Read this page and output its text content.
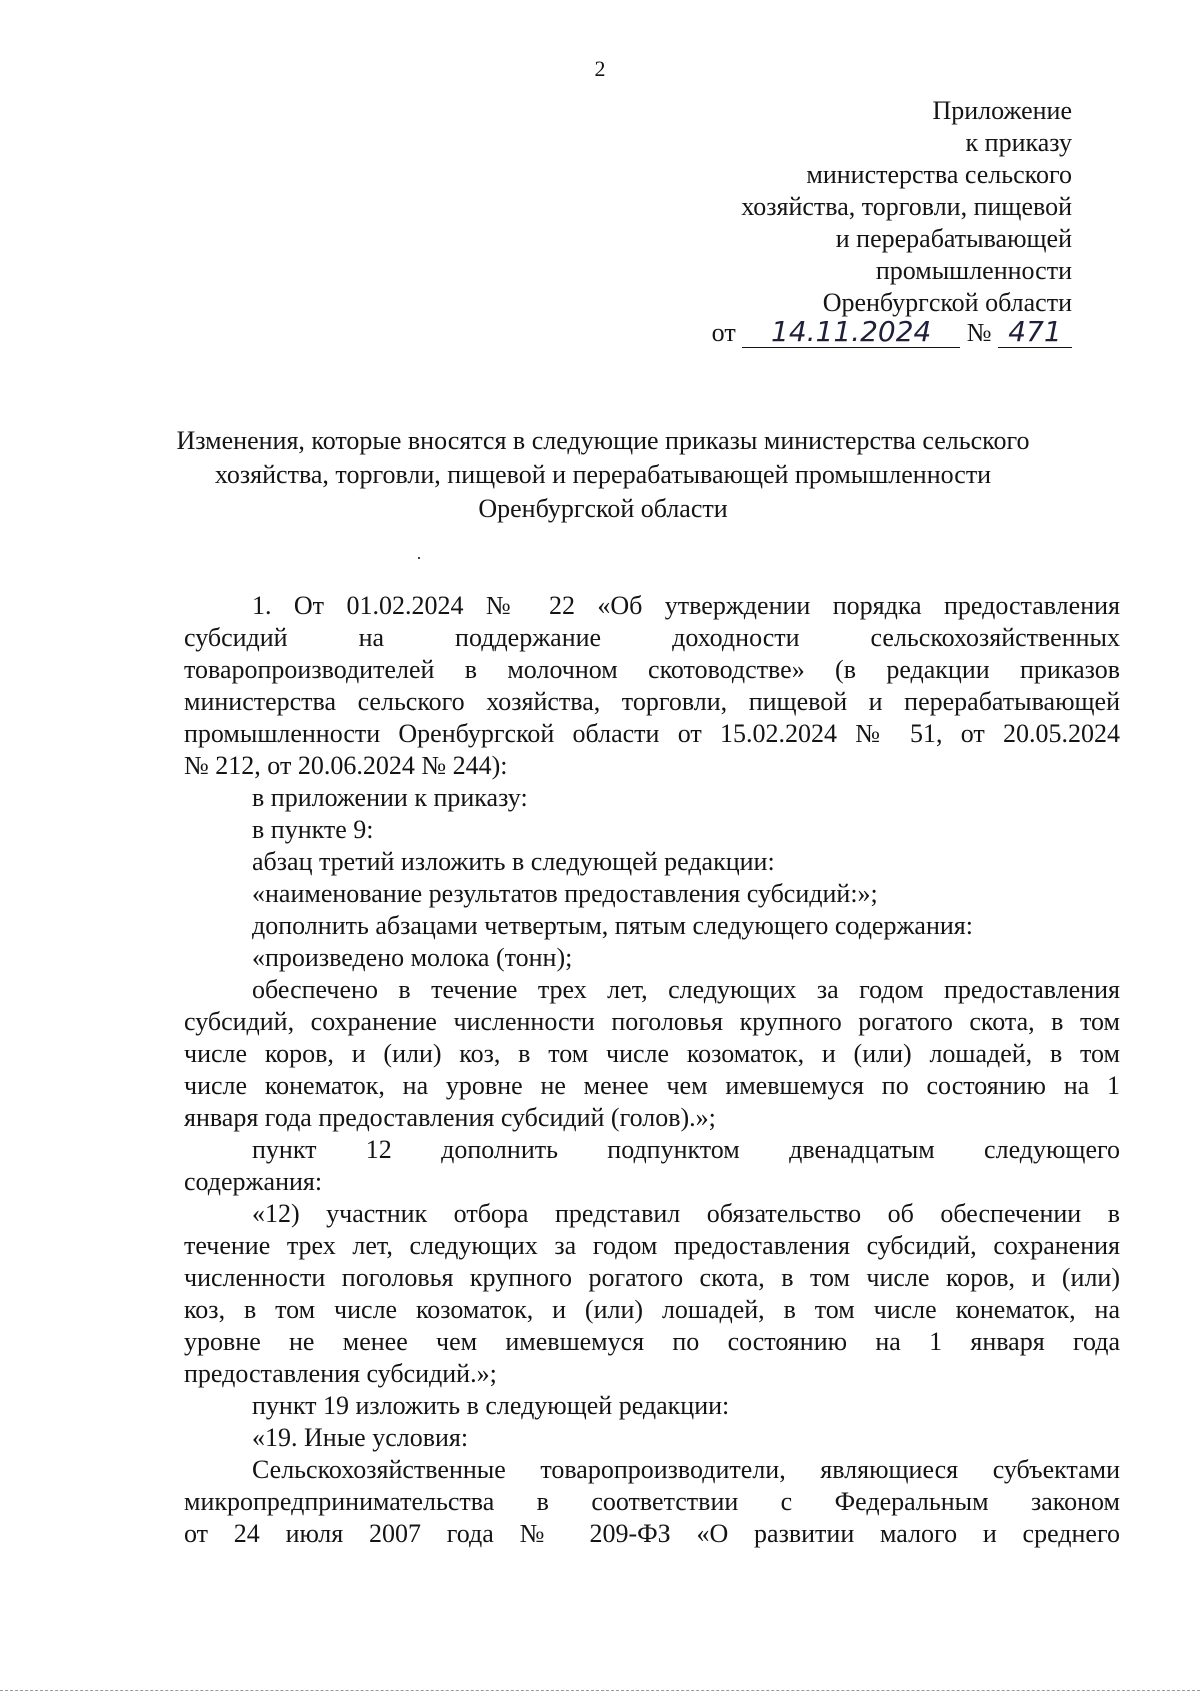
2
Приложение
к приказу
министерства сельского
хозяйства, торговли, пищевой
и перерабатывающей
промышленности
Оренбургской области
от 14.11.2024 № 471
Изменения, которые вносятся в следующие приказы министерства сельского
хозяйства, торговли, пищевой и перерабатывающей промышленности
Оренбургской области
1. От 01.02.2024 № 22 «Об утверждении порядка предоставления
субсидий на поддержание доходности сельскохозяйственных
товаропроизводителей в молочном скотоводстве» (в редакции приказов
министерства сельского хозяйства, торговли, пищевой и перерабатывающей
промышленности Оренбургской области от 15.02.2024 № 51, от 20.05.2024
№ 212, от 20.06.2024 № 244):
в приложении к приказу:
в пункте 9:
абзац третий изложить в следующей редакции:
«наименование результатов предоставления субсидий:»;
дополнить абзацами четвертым, пятым следующего содержания:
«произведено молока (тонн);
обеспечено в течение трех лет, следующих за годом предоставления
субсидий, сохранение численности поголовья крупного рогатого скота, в том
числе коров, и (или) коз, в том числе козоматок, и (или) лошадей, в том
числе конематок, на уровне не менее чем имевшемуся по состоянию на 1
января года предоставления субсидий (голов).»;
пункт 12 дополнить подпунктом двенадцатым следующего
содержания:
«12) участник отбора представил обязательство об обеспечении в
течение трех лет, следующих за годом предоставления субсидий, сохранения
численности поголовья крупного рогатого скота, в том числе коров, и (или)
коз, в том числе козоматок, и (или) лошадей, в том числе конематок, на
уровне не менее чем имевшемуся по состоянию на 1 января года
предоставления субсидий.»;
пункт 19 изложить в следующей редакции:
«19. Иные условия:
Сельскохозяйственные товаропроизводители, являющиеся субъектами
микропредпринимательства в соответствии с Федеральным законом
от 24 июля 2007 года № 209-ФЗ «О развитии малого и среднего
